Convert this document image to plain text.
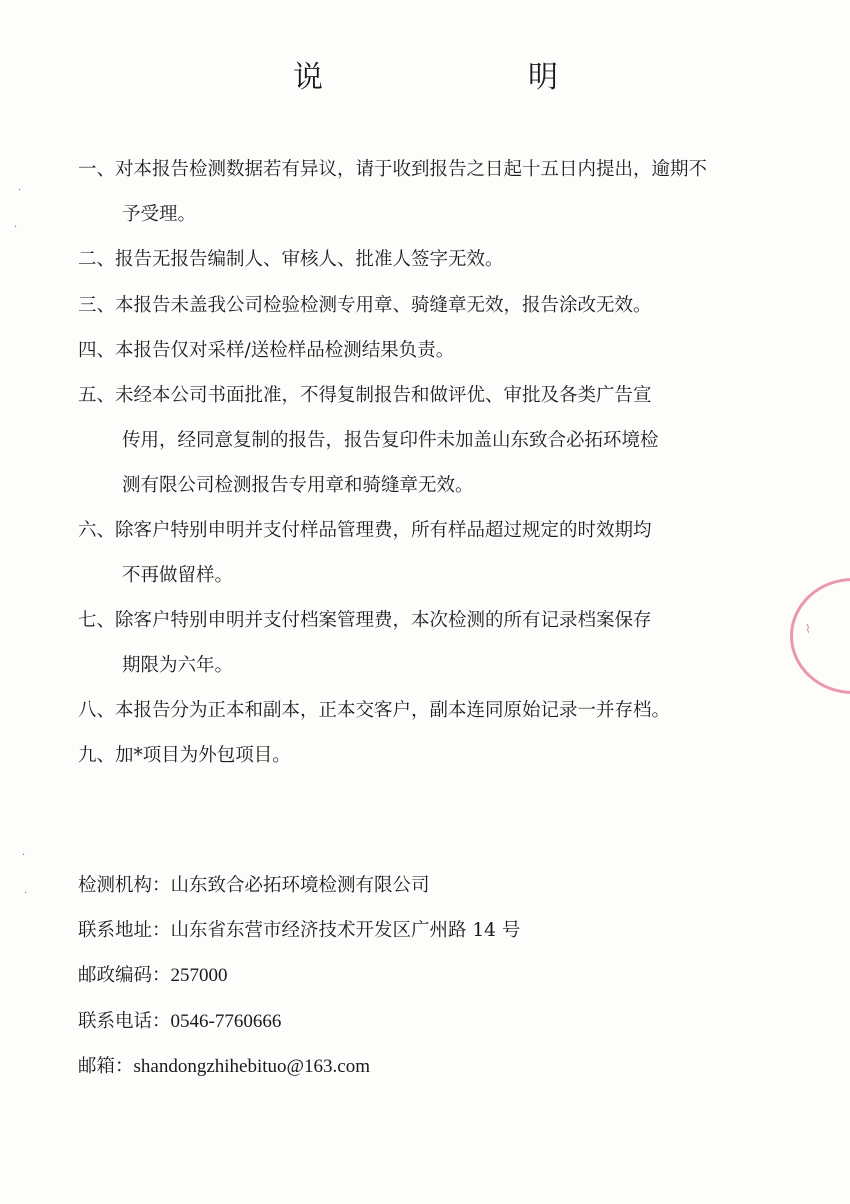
说	明
一、对本报告检测数据若有异议，请于收到报告之日起十五日内提出，逾期不
予受理。
二、报告无报告编制人、审核人、批准人签字无效。
三、本报告未盖我公司检验检测专用章、骑缝章无效，报告涂改无效。
四、本报告仅对采样/送检样品检测结果负责。
五、未经本公司书面批准，不得复制报告和做评优、审批及各类广告宣
传用，经同意复制的报告，报告复印件未加盖山东致合必拓环境检
测有限公司检测报告专用章和骑缝章无效。
六、除客户特别申明并支付样品管理费，所有样品超过规定的时效期均
不再做留样。
七、除客户特别申明并支付档案管理费，本次检测的所有记录档案保存
期限为六年。
八、本报告分为正本和副本，正本交客户，副本连同原始记录一并存档。
九、加*项目为外包项目。
检测机构：山东致合必拓环境检测有限公司
联系地址：山东省东营市经济技术开发区广州路 14 号
邮政编码：257000
联系电话：0546-7760666
邮箱：shandongzhihebituo@163.com
⌇
·
·
·
·
